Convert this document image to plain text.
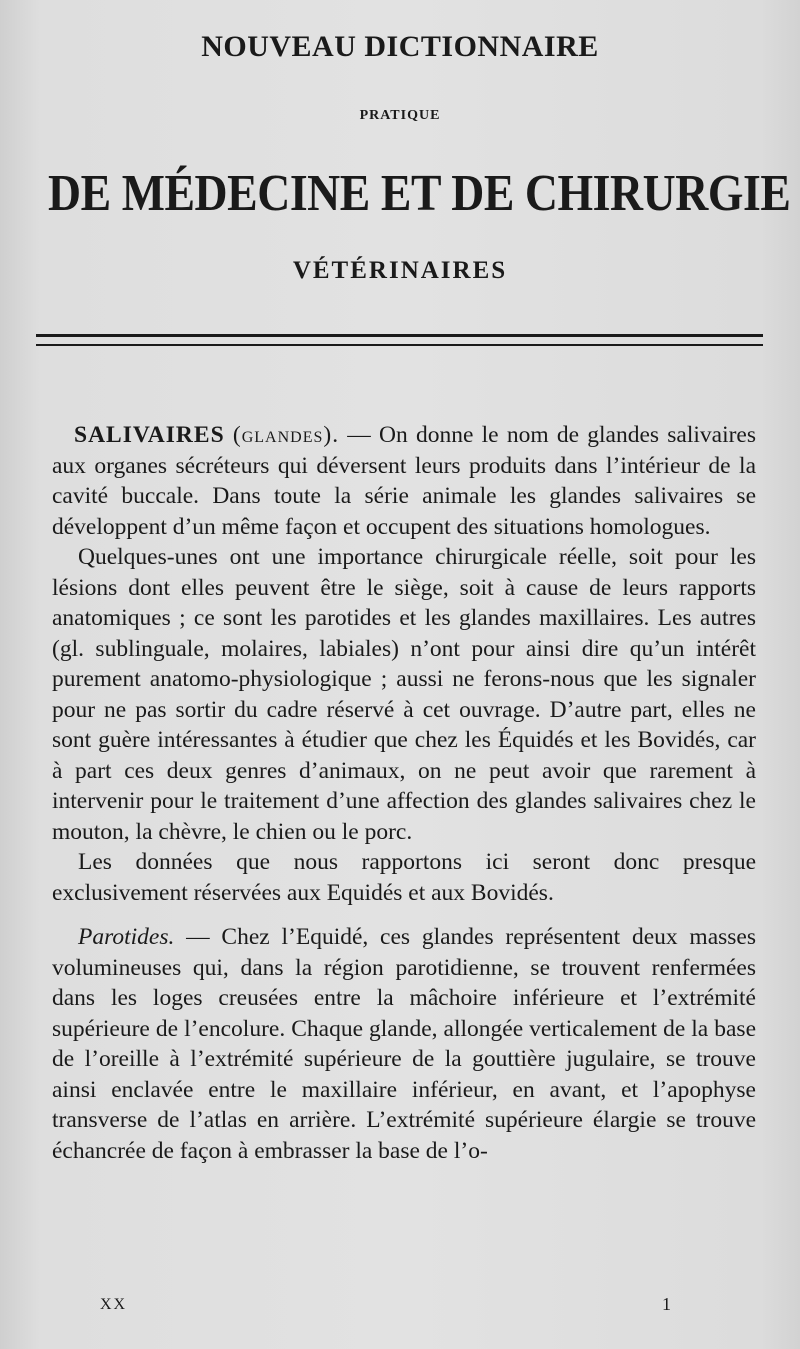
NOUVEAU DICTIONNAIRE
PRATIQUE
DE MÉDECINE ET DE CHIRURGIE
VÉTÉRINAIRES

SALIVAIRES (glandes). — On donne le nom de glandes salivaires aux organes sécréteurs qui déversent leurs produits dans l’intérieur de la cavité buccale. Dans toute la série animale les glandes salivaires se développent d’un même façon et occupent des situations homologues.

Quelques-unes ont une importance chirurgicale réelle, soit pour les lésions dont elles peuvent être le siège, soit à cause de leurs rapports anatomiques ; ce sont les parotides et les glandes maxillaires. Les autres (gl. sublinguale, molaires, labiales) n’ont pour ainsi dire qu’un intérêt purement anatomo-physiologique ; aussi ne ferons-nous que les signaler pour ne pas sortir du cadre réservé à cet ouvrage. D’autre part, elles ne sont guère intéressantes à étudier que chez les Équidés et les Bovidés, car à part ces deux genres d’animaux, on ne peut avoir que rarement à intervenir pour le traitement d’une affection des glandes salivaires chez le mouton, la chèvre, le chien ou le porc.

Les données que nous rapportons ici seront donc presque exclusivement réservées aux Equidés et aux Bovidés.

Parotides. — Chez l’Equidé, ces glandes représentent deux masses volumineuses qui, dans la région parotidienne, se trouvent renfermées dans les loges creusées entre la mâchoire inférieure et l’extrémité supérieure de l’encolure. Chaque glande, allongée verticalement de la base de l’oreille à l’extrémité supérieure de la gouttière jugulaire, se trouve ainsi enclavée entre le maxillaire inférieur, en avant, et l’apophyse transverse de l’atlas en arrière. L’extrémité supérieure élargie se trouve échancrée de façon à embrasser la base de l’o-

XX	1
